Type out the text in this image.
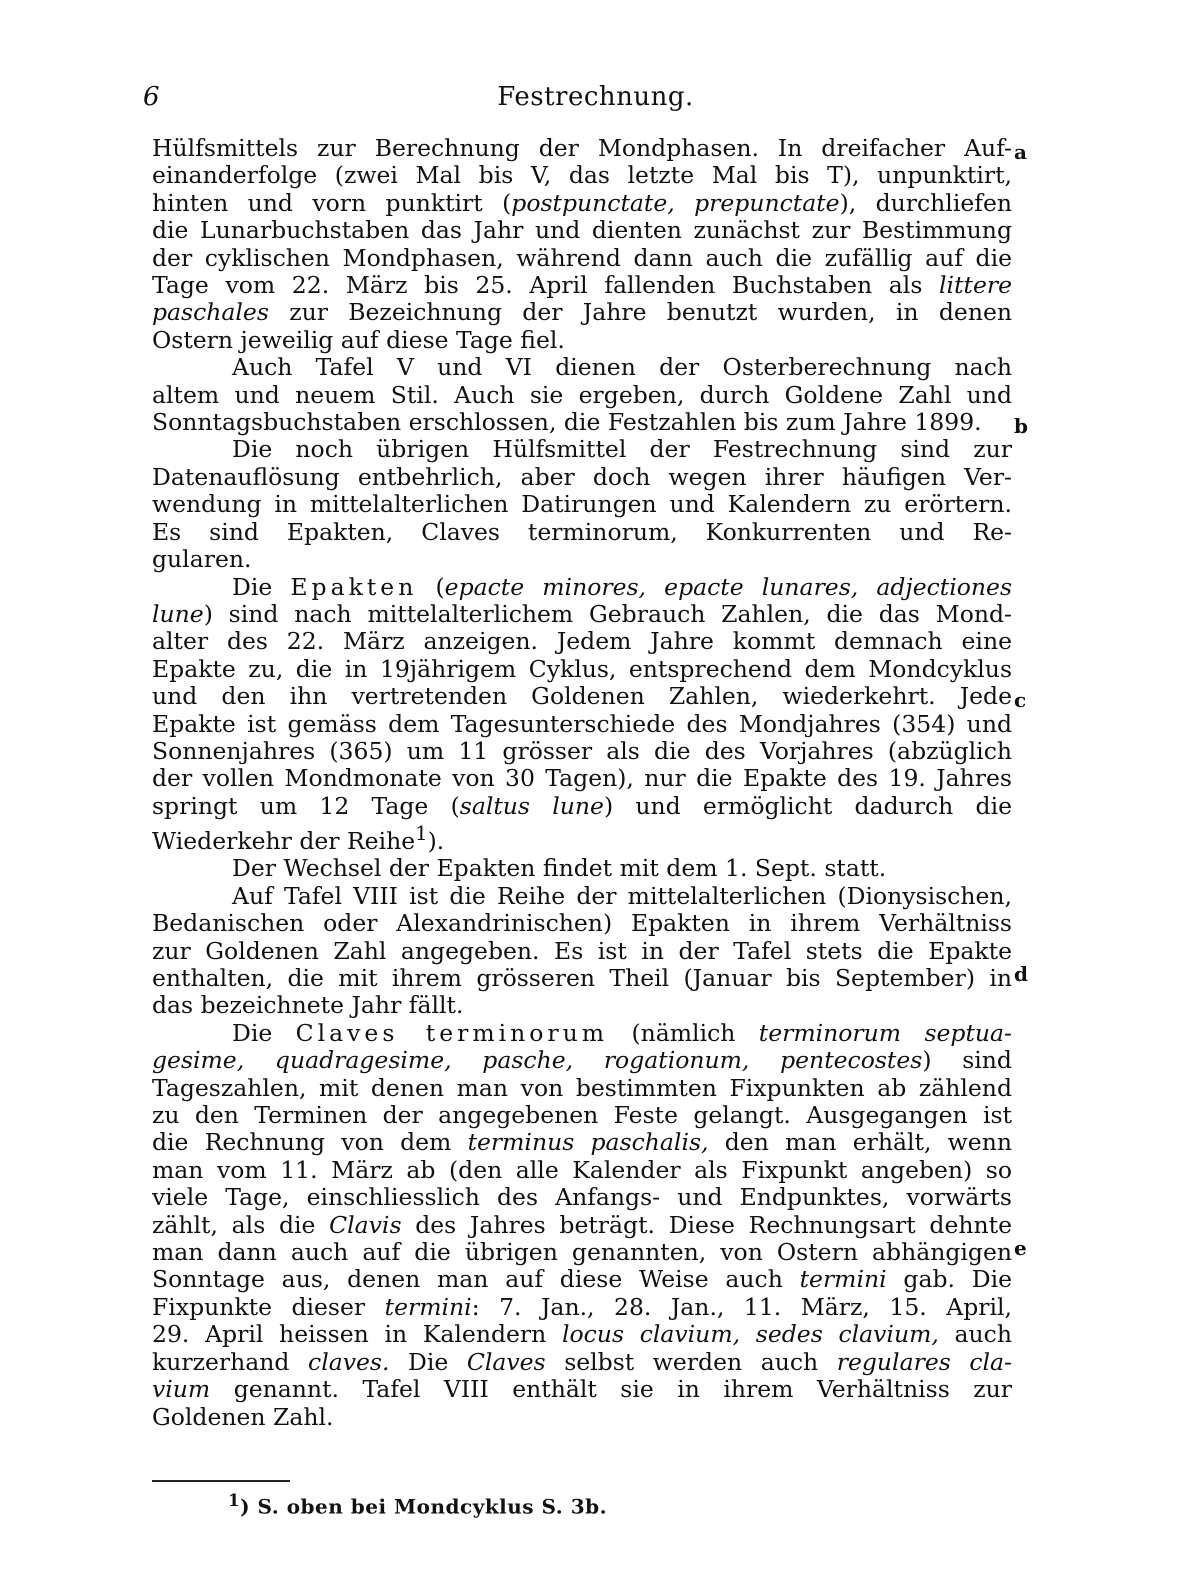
6	Festrechnung.
Hülfsmittels zur Berechnung der Mondphasen. In dreifacher Auf-
einanderfolge (zwei Mal bis V, das letzte Mal bis T), unpunktirt,
hinten und vorn punktirt (postpunctate, prepunctate), durchliefen
die Lunarbuchstaben das Jahr und dienten zunächst zur Bestimmung
der cyklischen Mondphasen, während dann auch die zufällig auf die
Tage vom 22. März bis 25. April fallenden Buchstaben als littere
paschales zur Bezeichnung der Jahre benutzt wurden, in denen
Ostern jeweilig auf diese Tage fiel.
Auch Tafel V und VI dienen der Osterberechnung nach
altem und neuem Stil. Auch sie ergeben, durch Goldene Zahl und
Sonntagsbuchstaben erschlossen, die Festzahlen bis zum Jahre 1899.
Die noch übrigen Hülfsmittel der Festrechnung sind zur
Datenauflösung entbehrlich, aber doch wegen ihrer häufigen Ver-
wendung in mittelalterlichen Datirungen und Kalendern zu erörtern.
Es sind Epakten, Claves terminorum, Konkurrenten und Re-
gularen.
Die Epakten (epacte minores, epacte lunares, adjectiones
lune) sind nach mittelalterlichem Gebrauch Zahlen, die das Mond-
alter des 22. März anzeigen. Jedem Jahre kommt demnach eine
Epakte zu, die in 19jährigem Cyklus, entsprechend dem Mondcyklus
und den ihn vertretenden Goldenen Zahlen, wiederkehrt. Jede
Epakte ist gemäss dem Tagesunterschiede des Mondjahres (354) und
Sonnenjahres (365) um 11 grösser als die des Vorjahres (abzüglich
der vollen Mondmonate von 30 Tagen), nur die Epakte des 19. Jahres
springt um 12 Tage (saltus lune) und ermöglicht dadurch die
Wiederkehr der Reihe$^1$).
Der Wechsel der Epakten findet mit dem 1. Sept. statt.
Auf Tafel VIII ist die Reihe der mittelalterlichen (Dionysischen,
Bedanischen oder Alexandrinischen) Epakten in ihrem Verhältniss
zur Goldenen Zahl angegeben. Es ist in der Tafel stets die Epakte
enthalten, die mit ihrem grösseren Theil (Januar bis September) in
das bezeichnete Jahr fällt.
Die Claves terminorum (nämlich terminorum septua-
gesime, quadragesime, pasche, rogationum, pentecostes) sind
Tageszahlen, mit denen man von bestimmten Fixpunkten ab zählend
zu den Terminen der angegebenen Feste gelangt. Ausgegangen ist
die Rechnung von dem terminus paschalis, den man erhält, wenn
man vom 11. März ab (den alle Kalender als Fixpunkt angeben) so
viele Tage, einschliesslich des Anfangs- und Endpunktes, vorwärts
zählt, als die Clavis des Jahres beträgt. Diese Rechnungsart dehnte
man dann auch auf die übrigen genannten, von Ostern abhängigen
Sonntage aus, denen man auf diese Weise auch termini gab. Die
Fixpunkte dieser termini: 7. Jan., 28. Jan., 11. März, 15. April,
29. April heissen in Kalendern locus clavium, sedes clavium, auch
kurzerhand claves. Die Claves selbst werden auch regulares cla-
vium genannt. Tafel VIII enthält sie in ihrem Verhältniss zur
Goldenen Zahl.
a
b
c
d
e
$^1$) S. oben bei Mondcyklus S. 3b.
